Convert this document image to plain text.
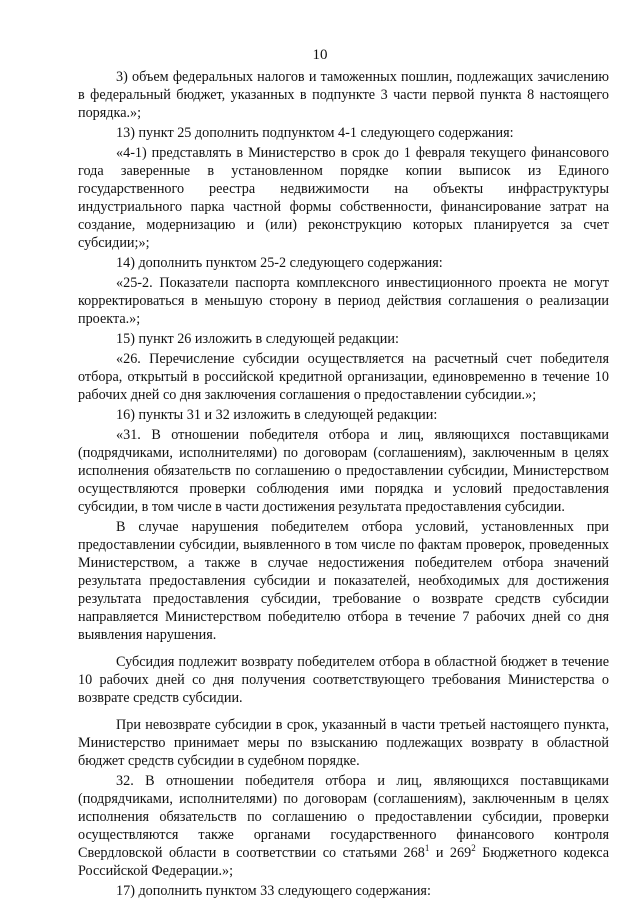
10

3) объем федеральных налогов и таможенных пошлин, подлежащих зачислению в федеральный бюджет, указанных в подпункте 3 части первой пункта 8 настоящего порядка.»;

13) пункт 25 дополнить подпунктом 4-1 следующего содержания:

«4-1) представлять в Министерство в срок до 1 февраля текущего финансового года заверенные в установленном порядке копии выписок из Единого государственного реестра недвижимости на объекты инфраструктуры индустриального парка частной формы собственности, финансирование затрат на создание, модернизацию и (или) реконструкцию которых планируется за счет субсидии;»;

14) дополнить пунктом 25-2 следующего содержания:

«25-2. Показатели паспорта комплексного инвестиционного проекта не могут корректироваться в меньшую сторону в период действия соглашения о реализации проекта.»;

15) пункт 26 изложить в следующей редакции:

«26. Перечисление субсидии осуществляется на расчетный счет победителя отбора, открытый в российской кредитной организации, единовременно в течение 10 рабочих дней со дня заключения соглашения о предоставлении субсидии.»;

16) пункты 31 и 32 изложить в следующей редакции:

«31. В отношении победителя отбора и лиц, являющихся поставщиками (подрядчиками, исполнителями) по договорам (соглашениям), заключенным в целях исполнения обязательств по соглашению о предоставлении субсидии, Министерством осуществляются проверки соблюдения ими порядка и условий предоставления субсидии, в том числе в части достижения результата предоставления субсидии.

В случае нарушения победителем отбора условий, установленных при предоставлении субсидии, выявленного в том числе по фактам проверок, проведенных Министерством, а также в случае недостижения победителем отбора значений результата предоставления субсидии и показателей, необходимых для достижения результата предоставления субсидии, требование о возврате средств субсидии направляется Министерством победителю отбора в течение 7 рабочих дней со дня выявления нарушения.

Субсидия подлежит возврату победителем отбора в областной бюджет в течение 10 рабочих дней со дня получения соответствующего требования Министерства о возврате средств субсидии.

При невозврате субсидии в срок, указанный в части третьей настоящего пункта, Министерство принимает меры по взысканию подлежащих возврату в областной бюджет средств субсидии в судебном порядке.

32. В отношении победителя отбора и лиц, являющихся поставщиками (подрядчиками, исполнителями) по договорам (соглашениям), заключенным в целях исполнения обязательств по соглашению о предоставлении субсидии, проверки осуществляются также органами государственного финансового контроля Свердловской области в соответствии со статьями $268^1$ и $269^2$ Бюджетного кодекса Российской Федерации.»;

17) дополнить пунктом 33 следующего содержания:
